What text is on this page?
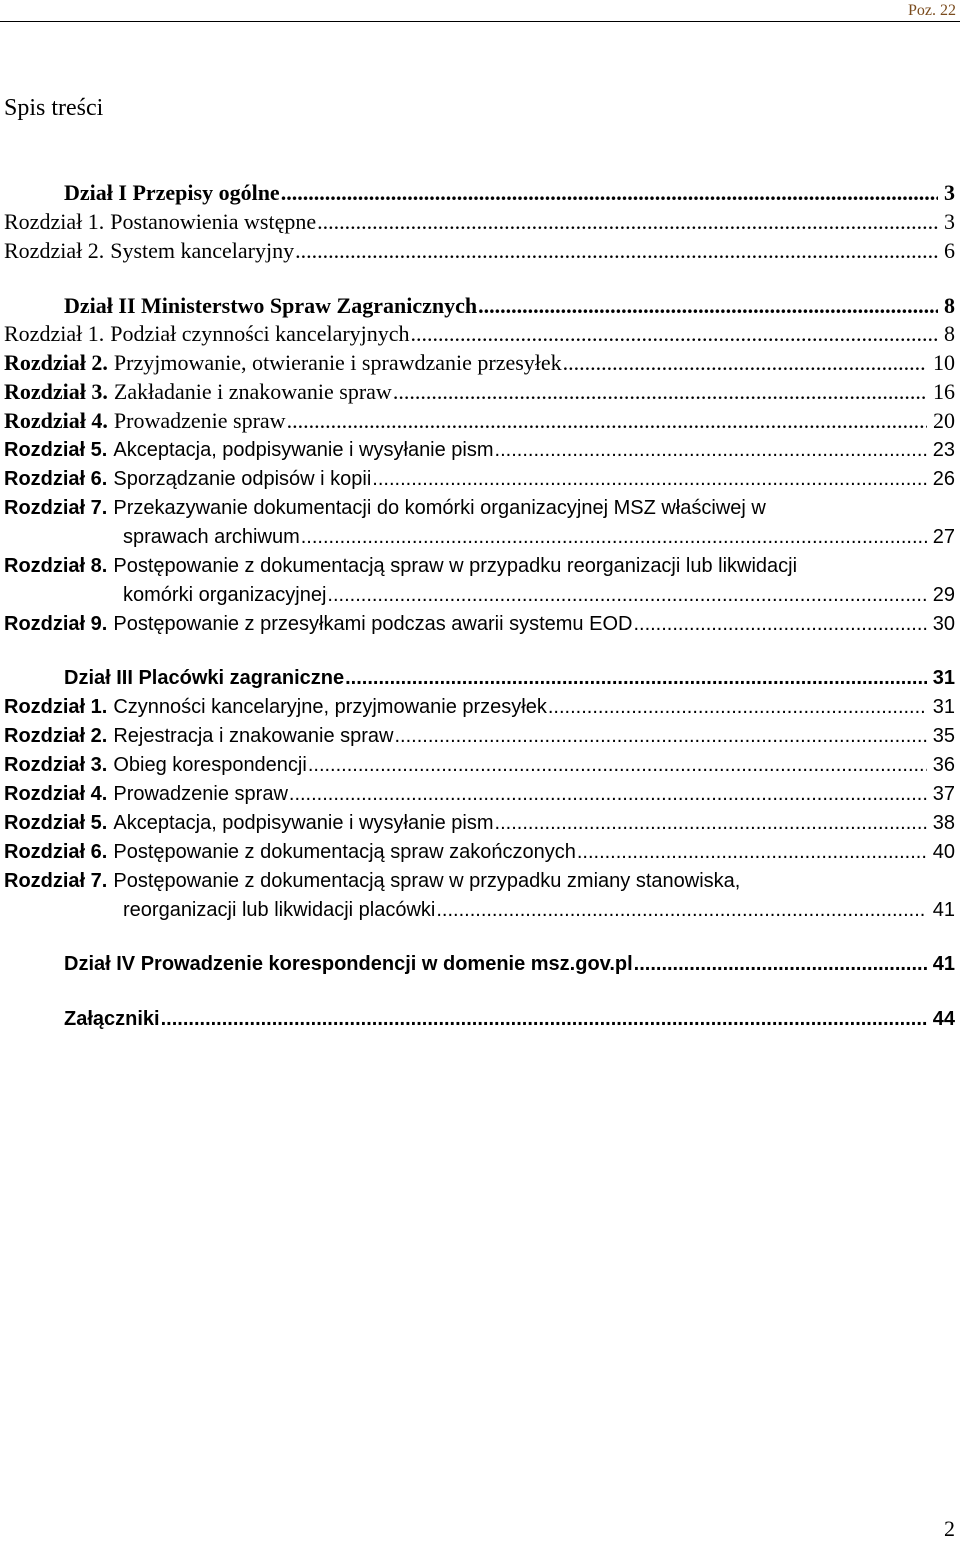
Poz. 22
Spis treści
Dział I Przepisy ogólne .....	3
Rozdział 1. Postanowienia wstępne .....	3
Rozdział 2. System kancelaryjny .....	6
Dział II Ministerstwo Spraw Zagranicznych .....	8
Rozdział 1. Podział czynności kancelaryjnych .....	8
Rozdział 2. Przyjmowanie, otwieranie i sprawdzanie przesyłek .....	10
Rozdział 3. Zakładanie i znakowanie spraw .....	16
Rozdział 4. Prowadzenie spraw .....	20
Rozdział 5. Akceptacja, podpisywanie i wysyłanie pism .....	23
Rozdział 6. Sporządzanie odpisów i kopii .....	26
Rozdział 7. Przekazywanie dokumentacji do komórki organizacyjnej MSZ właściwej w
sprawach archiwum .....	27
Rozdział 8. Postępowanie z dokumentacją spraw w przypadku reorganizacji lub likwidacji
komórki organizacyjnej .....	29
Rozdział 9. Postępowanie z przesyłkami podczas awarii systemu EOD .....	30
Dział III Placówki zagraniczne .....	31
Rozdział 1. Czynności kancelaryjne, przyjmowanie przesyłek .....	31
Rozdział 2. Rejestracja i znakowanie spraw .....	35
Rozdział 3. Obieg korespondencji .....	36
Rozdział 4. Prowadzenie spraw .....	37
Rozdział 5. Akceptacja, podpisywanie i wysyłanie pism .....	38
Rozdział 6. Postępowanie z dokumentacją spraw zakończonych .....	40
Rozdział 7. Postępowanie z dokumentacją spraw w przypadku zmiany stanowiska,
reorganizacji lub likwidacji placówki .....	41
Dział IV Prowadzenie korespondencji w domenie msz.gov.pl .....	41
Załączniki .....	44
2
